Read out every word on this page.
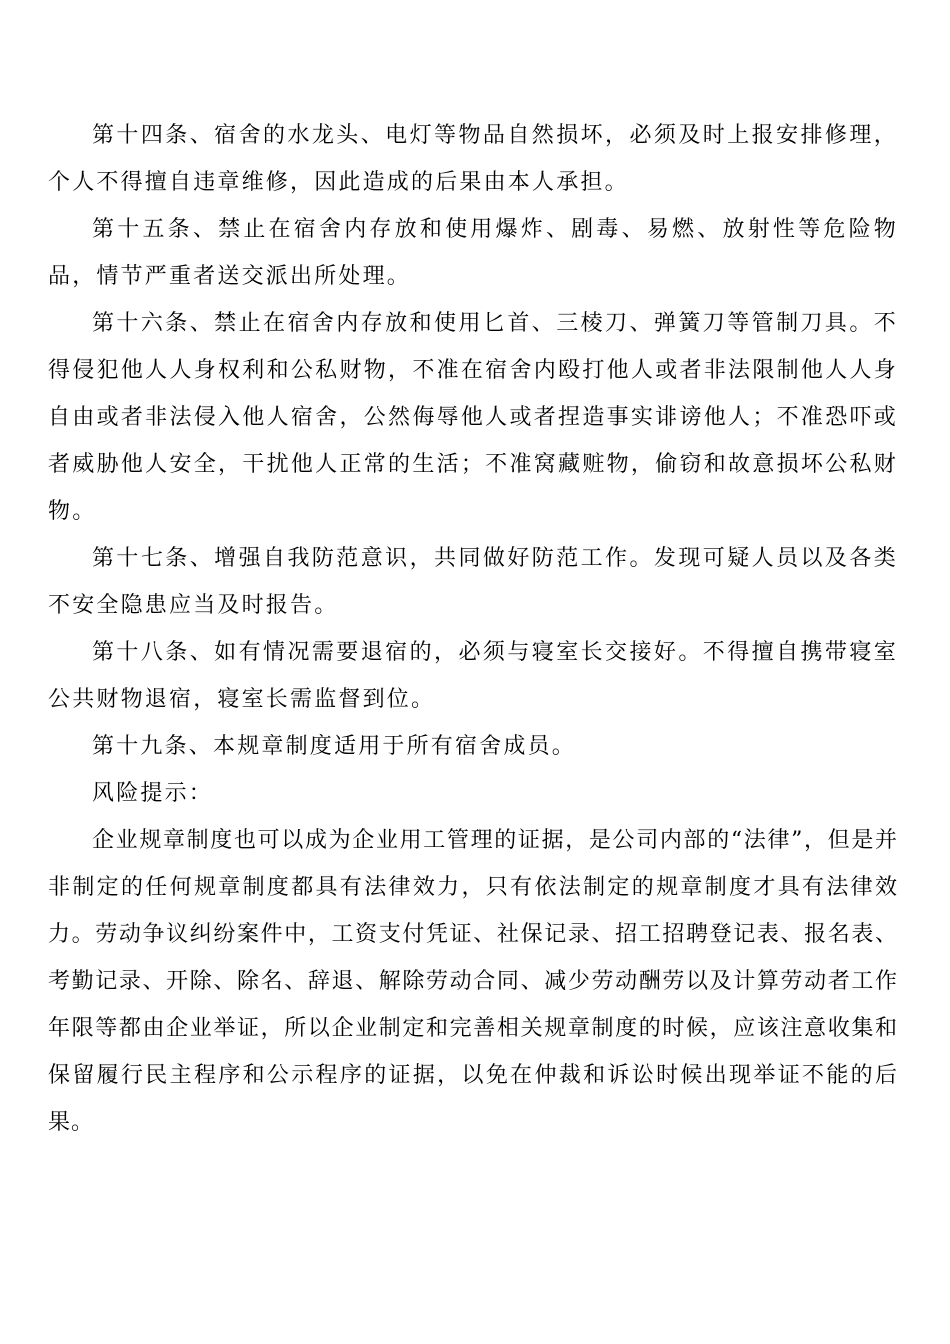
第十四条、宿舍的水龙头、电灯等物品自然损坏，必须及时上报安排修理，个人不得擅自违章维修，因此造成的后果由本人承担。

第十五条、禁止在宿舍内存放和使用爆炸、剧毒、易燃、放射性等危险物品，情节严重者送交派出所处理。

第十六条、禁止在宿舍内存放和使用匕首、三棱刀、弹簧刀等管制刀具。不得侵犯他人人身权利和公私财物，不准在宿舍内殴打他人或者非法限制他人人身自由或者非法侵入他人宿舍，公然侮辱他人或者捏造事实诽谤他人；不准恐吓或者威胁他人安全，干扰他人正常的生活；不准窝藏赃物，偷窃和故意损坏公私财物。

第十七条、增强自我防范意识，共同做好防范工作。发现可疑人员以及各类不安全隐患应当及时报告。

第十八条、如有情况需要退宿的，必须与寝室长交接好。不得擅自携带寝室公共财物退宿，寝室长需监督到位。

第十九条、本规章制度适用于所有宿舍成员。

风险提示：

企业规章制度也可以成为企业用工管理的证据，是公司内部的“法律”，但是并非制定的任何规章制度都具有法律效力，只有依法制定的规章制度才具有法律效力。劳动争议纠纷案件中，工资支付凭证、社保记录、招工招聘登记表、报名表、考勤记录、开除、除名、辞退、解除劳动合同、减少劳动酬劳以及计算劳动者工作年限等都由企业举证，所以企业制定和完善相关规章制度的时候，应该注意收集和保留履行民主程序和公示程序的证据，以免在仲裁和诉讼时候出现举证不能的后果。
